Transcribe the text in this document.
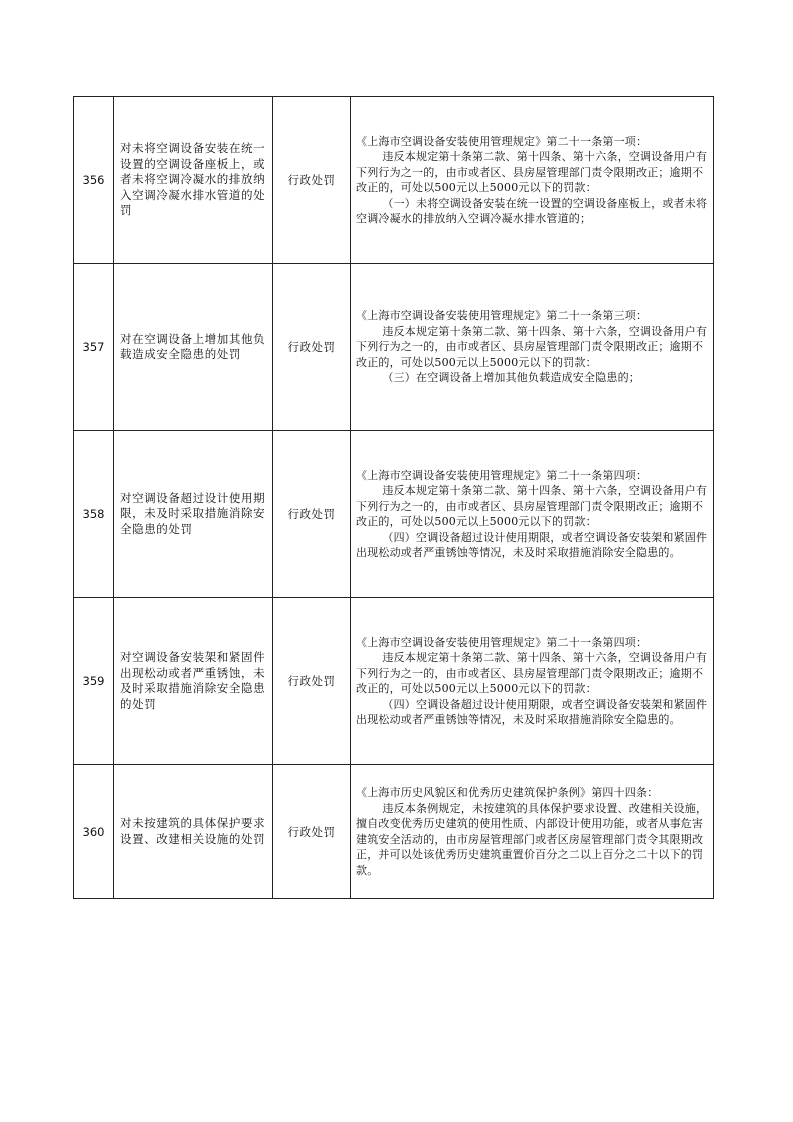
356	对未将空调设备安装在统一设置的空调设备座板上，或者未将空调冷凝水的排放纳入空调冷凝水排水管道的处罚	行政处罚	《上海市空调设备安装使用管理规定》第二十一条第一项：
违反本规定第十条第二款、第十四条、第十六条，空调设备用户有下列行为之一的，由市或者区、县房屋管理部门责令限期改正；逾期不改正的，可处以500元以上5000元以下的罚款：
（一）未将空调设备安装在统一设置的空调设备座板上，或者未将空调冷凝水的排放纳入空调冷凝水排水管道的；

357	对在空调设备上增加其他负载造成安全隐患的处罚	行政处罚	《上海市空调设备安装使用管理规定》第二十一条第三项：
违反本规定第十条第二款、第十四条、第十六条，空调设备用户有下列行为之一的，由市或者区、县房屋管理部门责令限期改正；逾期不改正的，可处以500元以上5000元以下的罚款：
（三）在空调设备上增加其他负载造成安全隐患的；

358	对空调设备超过设计使用期限，未及时采取措施消除安全隐患的处罚	行政处罚	《上海市空调设备安装使用管理规定》第二十一条第四项：
违反本规定第十条第二款、第十四条、第十六条，空调设备用户有下列行为之一的，由市或者区、县房屋管理部门责令限期改正；逾期不改正的，可处以500元以上5000元以下的罚款：
（四）空调设备超过设计使用期限，或者空调设备安装架和紧固件出现松动或者严重锈蚀等情况，未及时采取措施消除安全隐患的。

359	对空调设备安装架和紧固件出现松动或者严重锈蚀，未及时采取措施消除安全隐患的处罚	行政处罚	《上海市空调设备安装使用管理规定》第二十一条第四项：
违反本规定第十条第二款、第十四条、第十六条，空调设备用户有下列行为之一的，由市或者区、县房屋管理部门责令限期改正；逾期不改正的，可处以500元以上5000元以下的罚款：
（四）空调设备超过设计使用期限，或者空调设备安装架和紧固件出现松动或者严重锈蚀等情况，未及时采取措施消除安全隐患的。

360	对未按建筑的具体保护要求设置、改建相关设施的处罚	行政处罚	《上海市历史风貌区和优秀历史建筑保护条例》第四十四条：
违反本条例规定，未按建筑的具体保护要求设置、改建相关设施，擅自改变优秀历史建筑的使用性质、内部设计使用功能，或者从事危害建筑安全活动的，由市房屋管理部门或者区房屋管理部门责令其限期改正，并可以处该优秀历史建筑重置价百分之二以上百分之二十以下的罚款。
